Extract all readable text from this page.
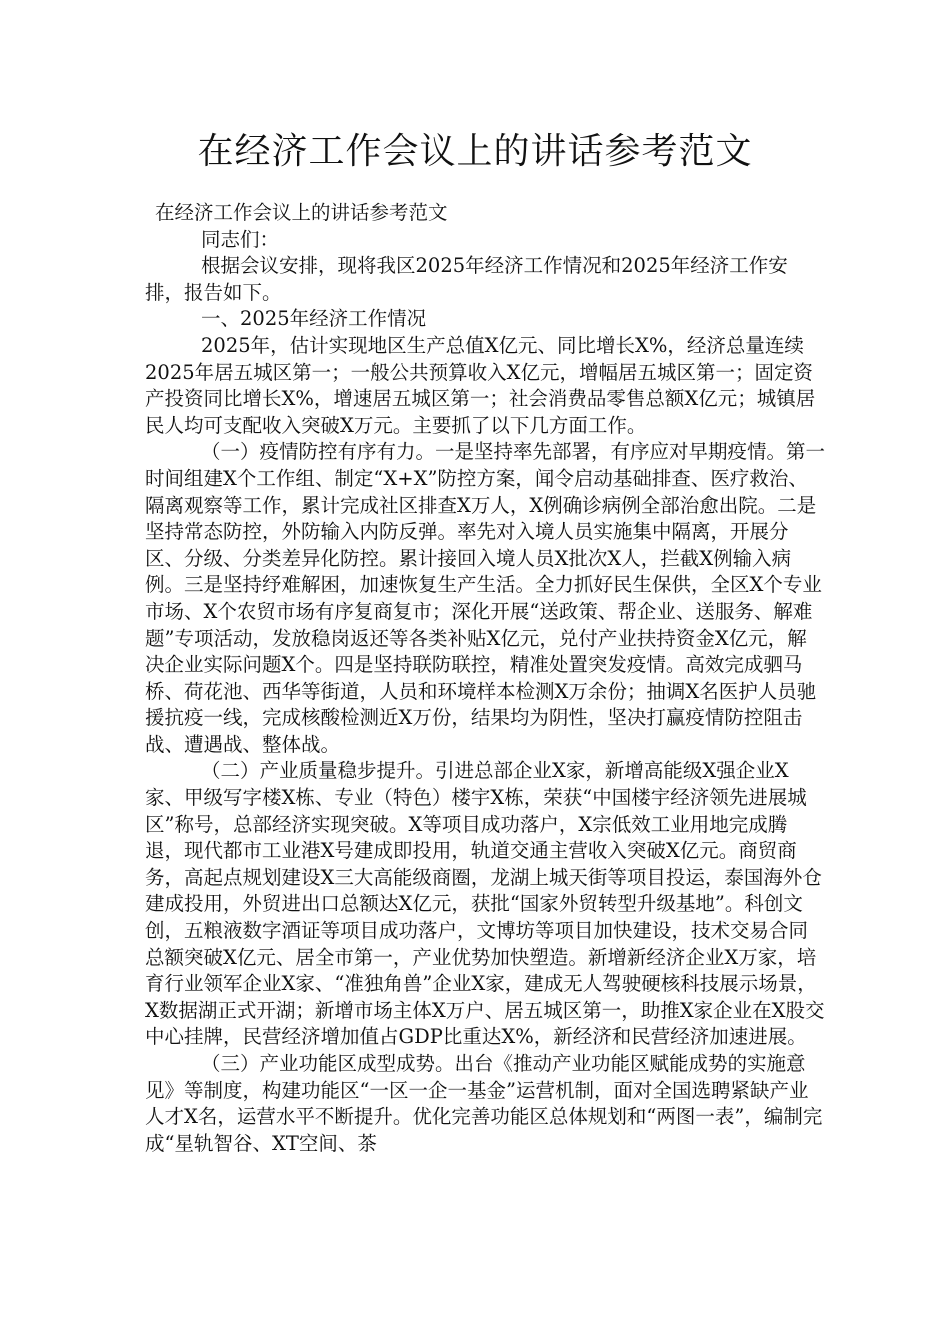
在经济工作会议上的讲话参考范文

在经济工作会议上的讲话参考范文

同志们：

根据会议安排，现将我区2025年经济工作情况和2025年经济工作安排，报告如下。

一、2025年经济工作情况

2025年，估计实现地区生产总值X亿元、同比增长X%，经济总量连续2025年居五城区第一；一般公共预算收入X亿元，增幅居五城区第一；固定资产投资同比增长X%，增速居五城区第一；社会消费品零售总额X亿元；城镇居民人均可支配收入突破X万元。主要抓了以下几方面工作。

（一）疫情防控有序有力。一是坚持率先部署，有序应对早期疫情。第一时间组建X个工作组、制定“X+X”防控方案，闻令启动基础排查、医疗救治、隔离观察等工作，累计完成社区排查X万人，X例确诊病例全部治愈出院。二是坚持常态防控，外防输入内防反弹。率先对入境人员实施集中隔离，开展分区、分级、分类差异化防控。累计接回入境人员X批次X人，拦截X例输入病例。三是坚持纾难解困，加速恢复生产生活。全力抓好民生保供，全区X个专业市场、X个农贸市场有序复商复市；深化开展“送政策、帮企业、送服务、解难题”专项活动，发放稳岗返还等各类补贴X亿元，兑付产业扶持资金X亿元，解决企业实际问题X个。四是坚持联防联控，精准处置突发疫情。高效完成驷马桥、荷花池、西华等街道，人员和环境样本检测X万余份；抽调X名医护人员驰援抗疫一线，完成核酸检测近X万份，结果均为阴性，坚决打赢疫情防控阻击战、遭遇战、整体战。

（二）产业质量稳步提升。引进总部企业X家，新增高能级X强企业X家、甲级写字楼X栋、专业（特色）楼宇X栋，荣获“中国楼宇经济领先进展城区”称号，总部经济实现突破。X等项目成功落户，X宗低效工业用地完成腾退，现代都市工业港X号建成即投用，轨道交通主营收入突破X亿元。商贸商务，高起点规划建设X三大高能级商圈，龙湖上城天街等项目投运，泰国海外仓建成投用，外贸进出口总额达X亿元，获批“国家外贸转型升级基地”。科创文创，五粮液数字酒证等项目成功落户，文博坊等项目加快建设，技术交易合同总额突破X亿元、居全市第一，产业优势加快塑造。新增新经济企业X万家，培育行业领军企业X家、“准独角兽”企业X家，建成无人驾驶硬核科技展示场景，X数据湖正式开湖；新增市场主体X万户、居五城区第一，助推X家企业在X股交中心挂牌，民营经济增加值占GDP比重达X%，新经济和民营经济加速进展。

（三）产业功能区成型成势。出台《推动产业功能区赋能成势的实施意见》等制度，构建功能区“一区一企一基金”运营机制，面对全国选聘紧缺产业人才X名，运营水平不断提升。优化完善功能区总体规划和“两图一表”，编制完成“星轨智谷、XT空间、茶
